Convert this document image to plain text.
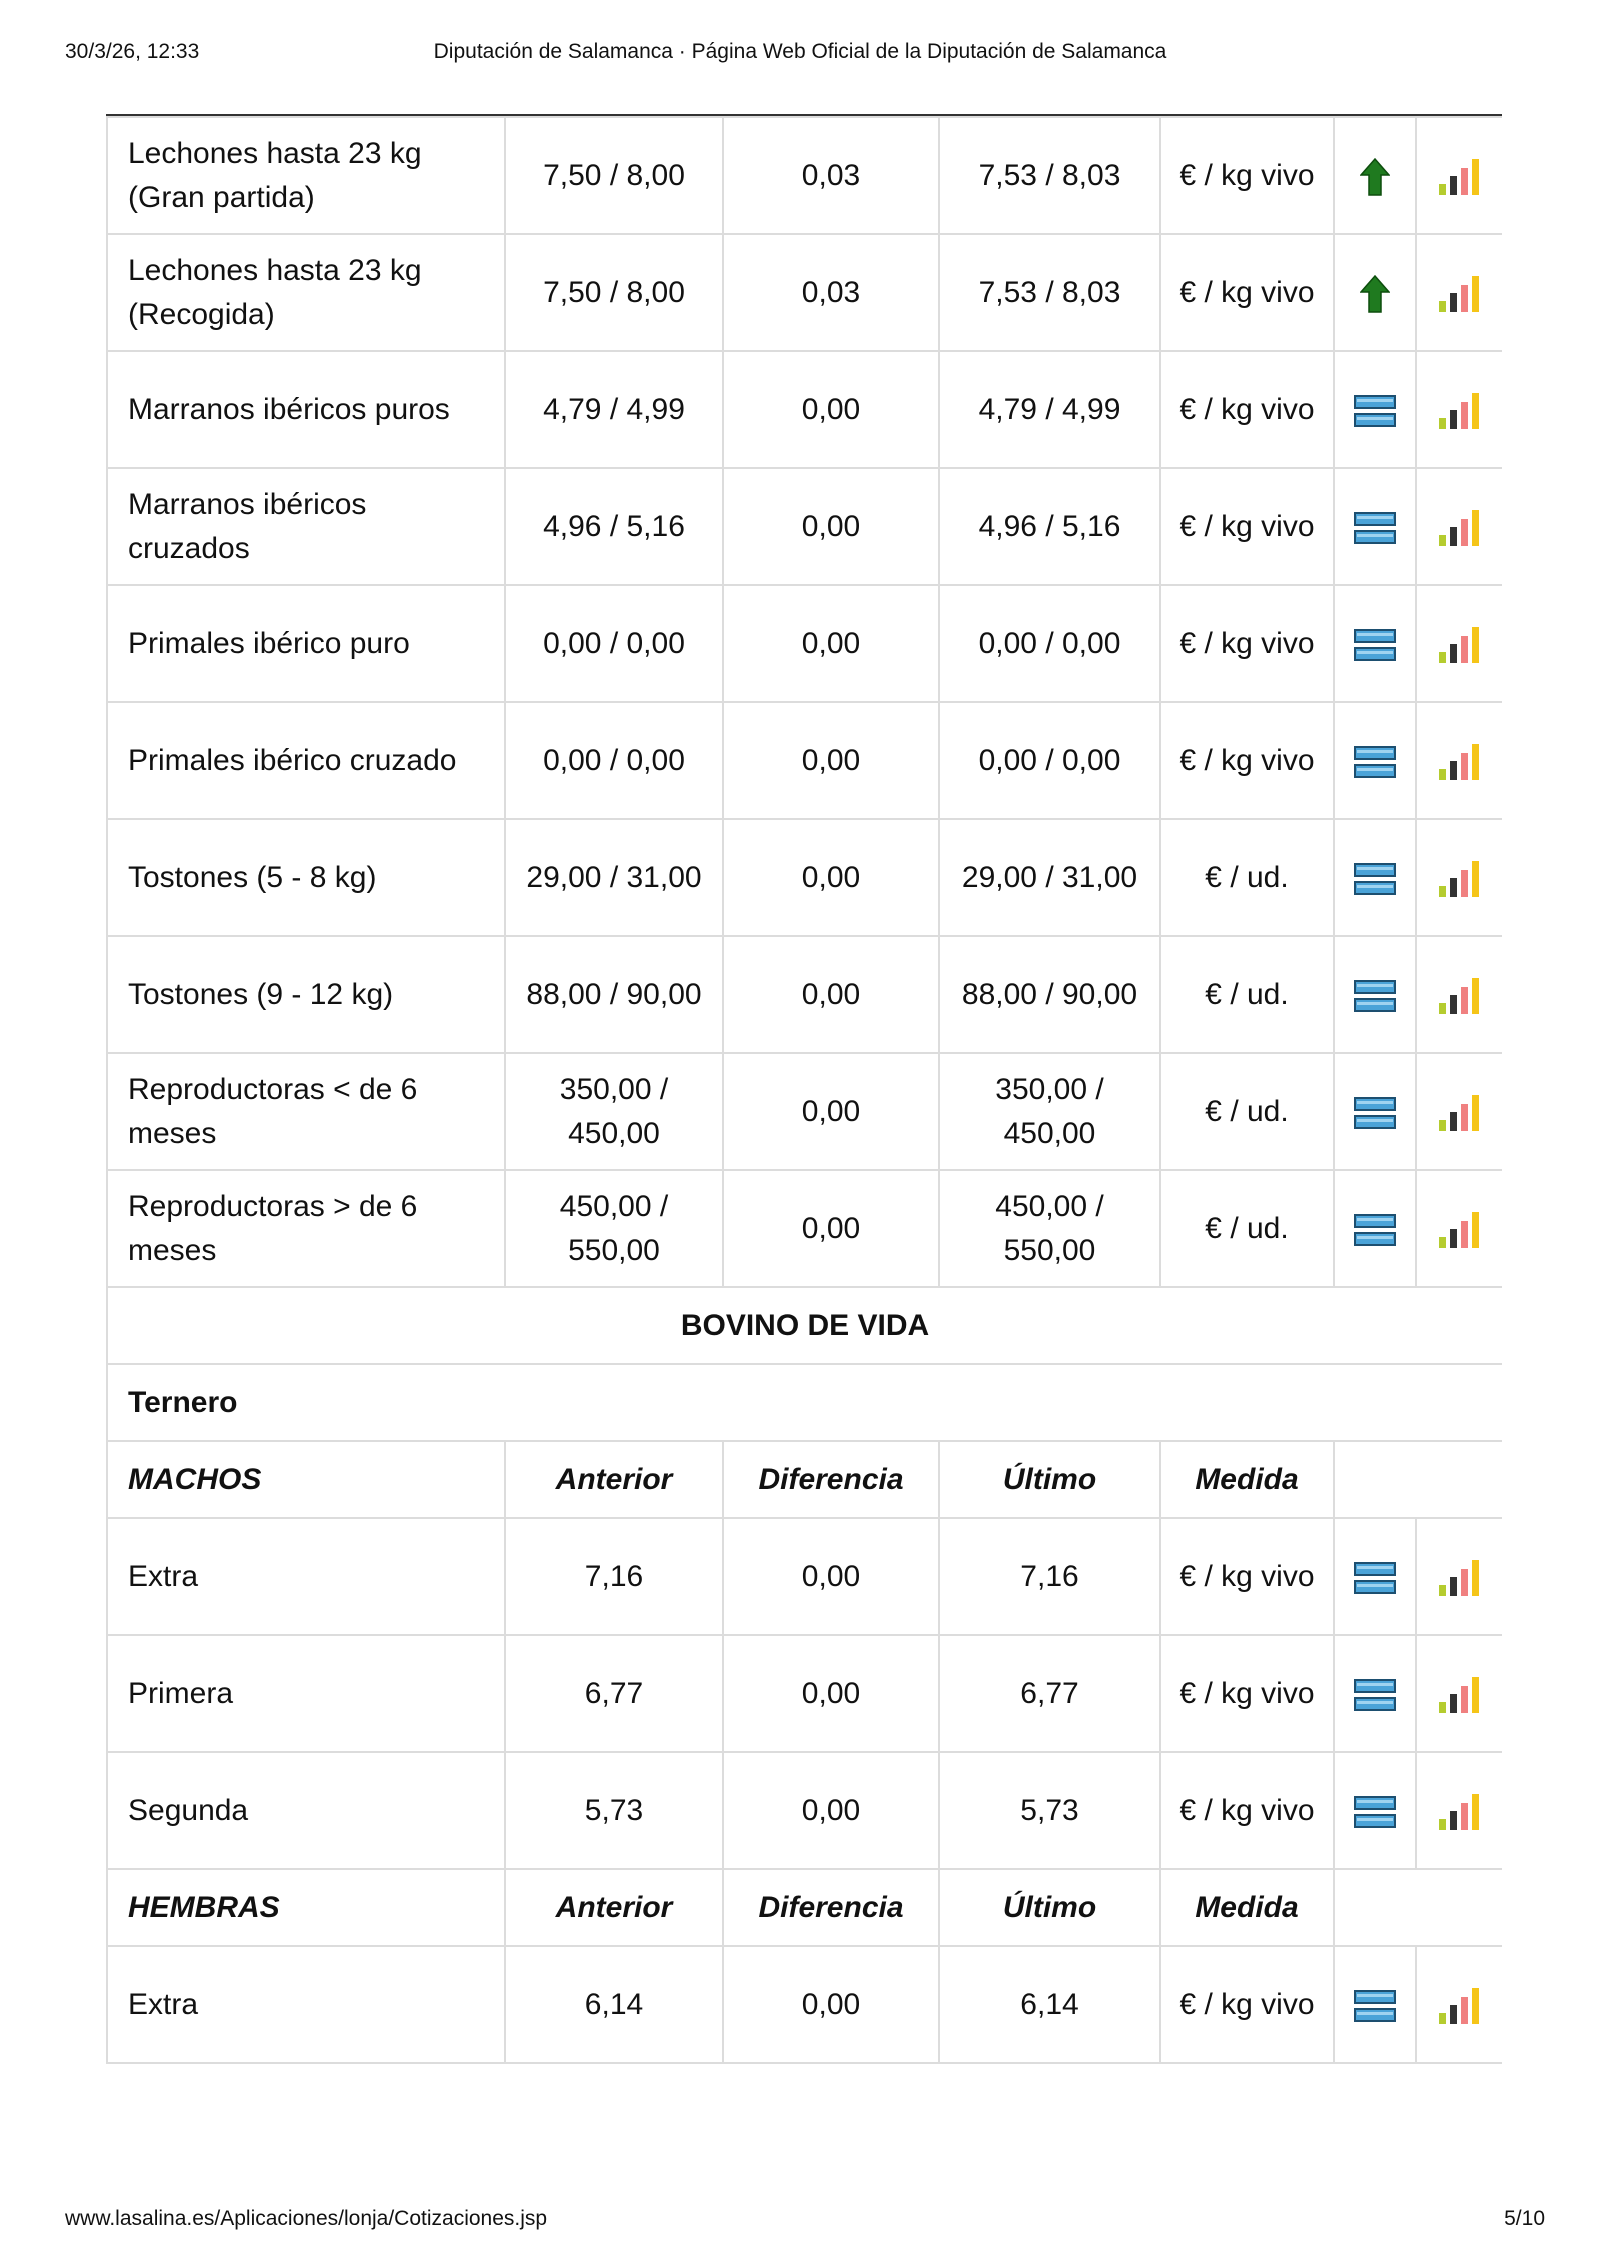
30/3/26, 12:33	Diputación de Salamanca · Página Web Oficial de la Diputación de Salamanca
Lechones hasta 23 kg (Gran partida)	7,50 / 8,00	0,03	7,53 / 8,03	€ / kg vivo		
Lechones hasta 23 kg (Recogida)	7,50 / 8,00	0,03	7,53 / 8,03	€ / kg vivo		
Marranos ibéricos puros	4,79 / 4,99	0,00	4,79 / 4,99	€ / kg vivo		
Marranos ibéricos cruzados	4,96 / 5,16	0,00	4,96 / 5,16	€ / kg vivo		
Primales ibérico puro	0,00 / 0,00	0,00	0,00 / 0,00	€ / kg vivo		
Primales ibérico cruzado	0,00 / 0,00	0,00	0,00 / 0,00	€ / kg vivo		
Tostones (5 - 8 kg)	29,00 / 31,00	0,00	29,00 / 31,00	€ / ud.		
Tostones (9 - 12 kg)	88,00 / 90,00	0,00	88,00 / 90,00	€ / ud.		
Reproductoras < de 6 meses	350,00 / 450,00	0,00	350,00 / 450,00	€ / ud.		
Reproductoras > de 6 meses	450,00 / 550,00	0,00	450,00 / 550,00	€ / ud.		
BOVINO DE VIDA						
Ternero						
MACHOS	Anterior	Diferencia	Último	Medida		
Extra	7,16	0,00	7,16	€ / kg vivo		
Primera	6,77	0,00	6,77	€ / kg vivo		
Segunda	5,73	0,00	5,73	€ / kg vivo		
HEMBRAS	Anterior	Diferencia	Último	Medida		
Extra	6,14	0,00	6,14	€ / kg vivo		
www.lasalina.es/Aplicaciones/lonja/Cotizaciones.jsp	5/10
